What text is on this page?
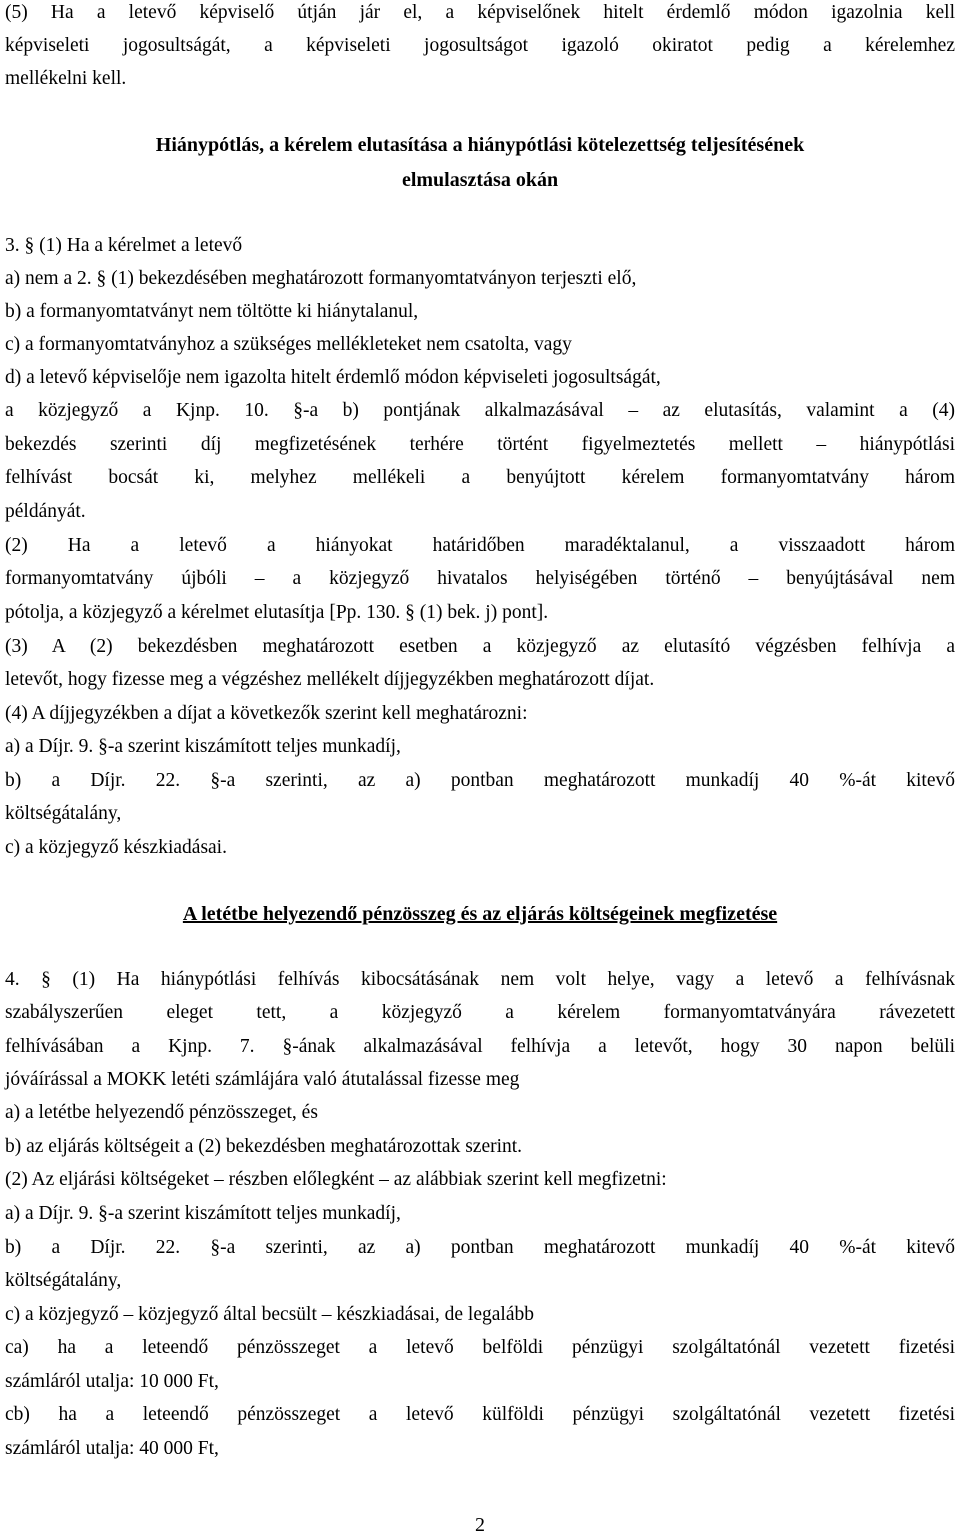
(5) Ha a letevő képviselő útján jár el, a képviselőnek hitelt érdemlő módon igazolnia kell
képviseleti jogosultságát, a képviseleti jogosultságot igazoló okiratot pedig a kérelemhez
mellékelni kell.
Hiánypótlás, a kérelem elutasítása a hiánypótlási kötelezettség teljesítésének
elmulasztása okán
3. § (1) Ha a kérelmet a letevő
a) nem a 2. § (1) bekezdésében meghatározott formanyomtatványon terjeszti elő,
b) a formanyomtatványt nem töltötte ki hiánytalanul,
c) a formanyomtatványhoz a szükséges mellékleteket nem csatolta, vagy
d) a letevő képviselője nem igazolta hitelt érdemlő módon képviseleti jogosultságát,
a közjegyző a Kjnp. 10. §-a b) pontjának alkalmazásával ‒ az elutasítás, valamint a (4)
bekezdés szerinti díj megfizetésének terhére történt figyelmeztetés mellett ‒ hiánypótlási
felhívást bocsát ki, melyhez mellékeli a benyújtott kérelem formanyomtatvány három
példányát.
(2) Ha a letevő a hiányokat határidőben maradéktalanul, a visszaadott három
formanyomtatvány újbóli ‒ a közjegyző hivatalos helyiségében történő ‒ benyújtásával nem
pótolja, a közjegyző a kérelmet elutasítja [Pp. 130. § (1) bek. j) pont].
(3) A (2) bekezdésben meghatározott esetben a közjegyző az elutasító végzésben felhívja a
letevőt, hogy fizesse meg a végzéshez mellékelt díjjegyzékben meghatározott díjat.
(4) A díjjegyzékben a díjat a következők szerint kell meghatározni:
a) a Díjr. 9. §-a szerint kiszámított teljes munkadíj,
b) a Díjr. 22. §-a szerinti, az a) pontban meghatározott munkadíj 40 %-át kitevő
költségátalány,
c) a közjegyző készkiadásai.
A letétbe helyezendő pénzösszeg és az eljárás költségeinek megfizetése
4. § (1) Ha hiánypótlási felhívás kibocsátásának nem volt helye, vagy a letevő a felhívásnak
szabályszerűen eleget tett, a közjegyző a kérelem formanyomtatványára rávezetett
felhívásában a Kjnp. 7. §-ának alkalmazásával felhívja a letevőt, hogy 30 napon belüli
jóváírással a MOKK letéti számlájára való átutalással fizesse meg
a) a letétbe helyezendő pénzösszeget, és
b) az eljárás költségeit a (2) bekezdésben meghatározottak szerint.
(2) Az eljárási költségeket ‒ részben előlegként ‒ az alábbiak szerint kell megfizetni:
a) a Díjr. 9. §-a szerint kiszámított teljes munkadíj,
b) a Díjr. 22. §-a szerinti, az a) pontban meghatározott munkadíj 40 %-át kitevő
költségátalány,
c) a közjegyző ‒ közjegyző által becsült ‒ készkiadásai, de legalább
ca) ha a leteendő pénzösszeget a letevő belföldi pénzügyi szolgáltatónál vezetett fizetési
számláról utalja: 10 000 Ft,
cb) ha a leteendő pénzösszeget a letevő külföldi pénzügyi szolgáltatónál vezetett fizetési
számláról utalja: 40 000 Ft,
2
